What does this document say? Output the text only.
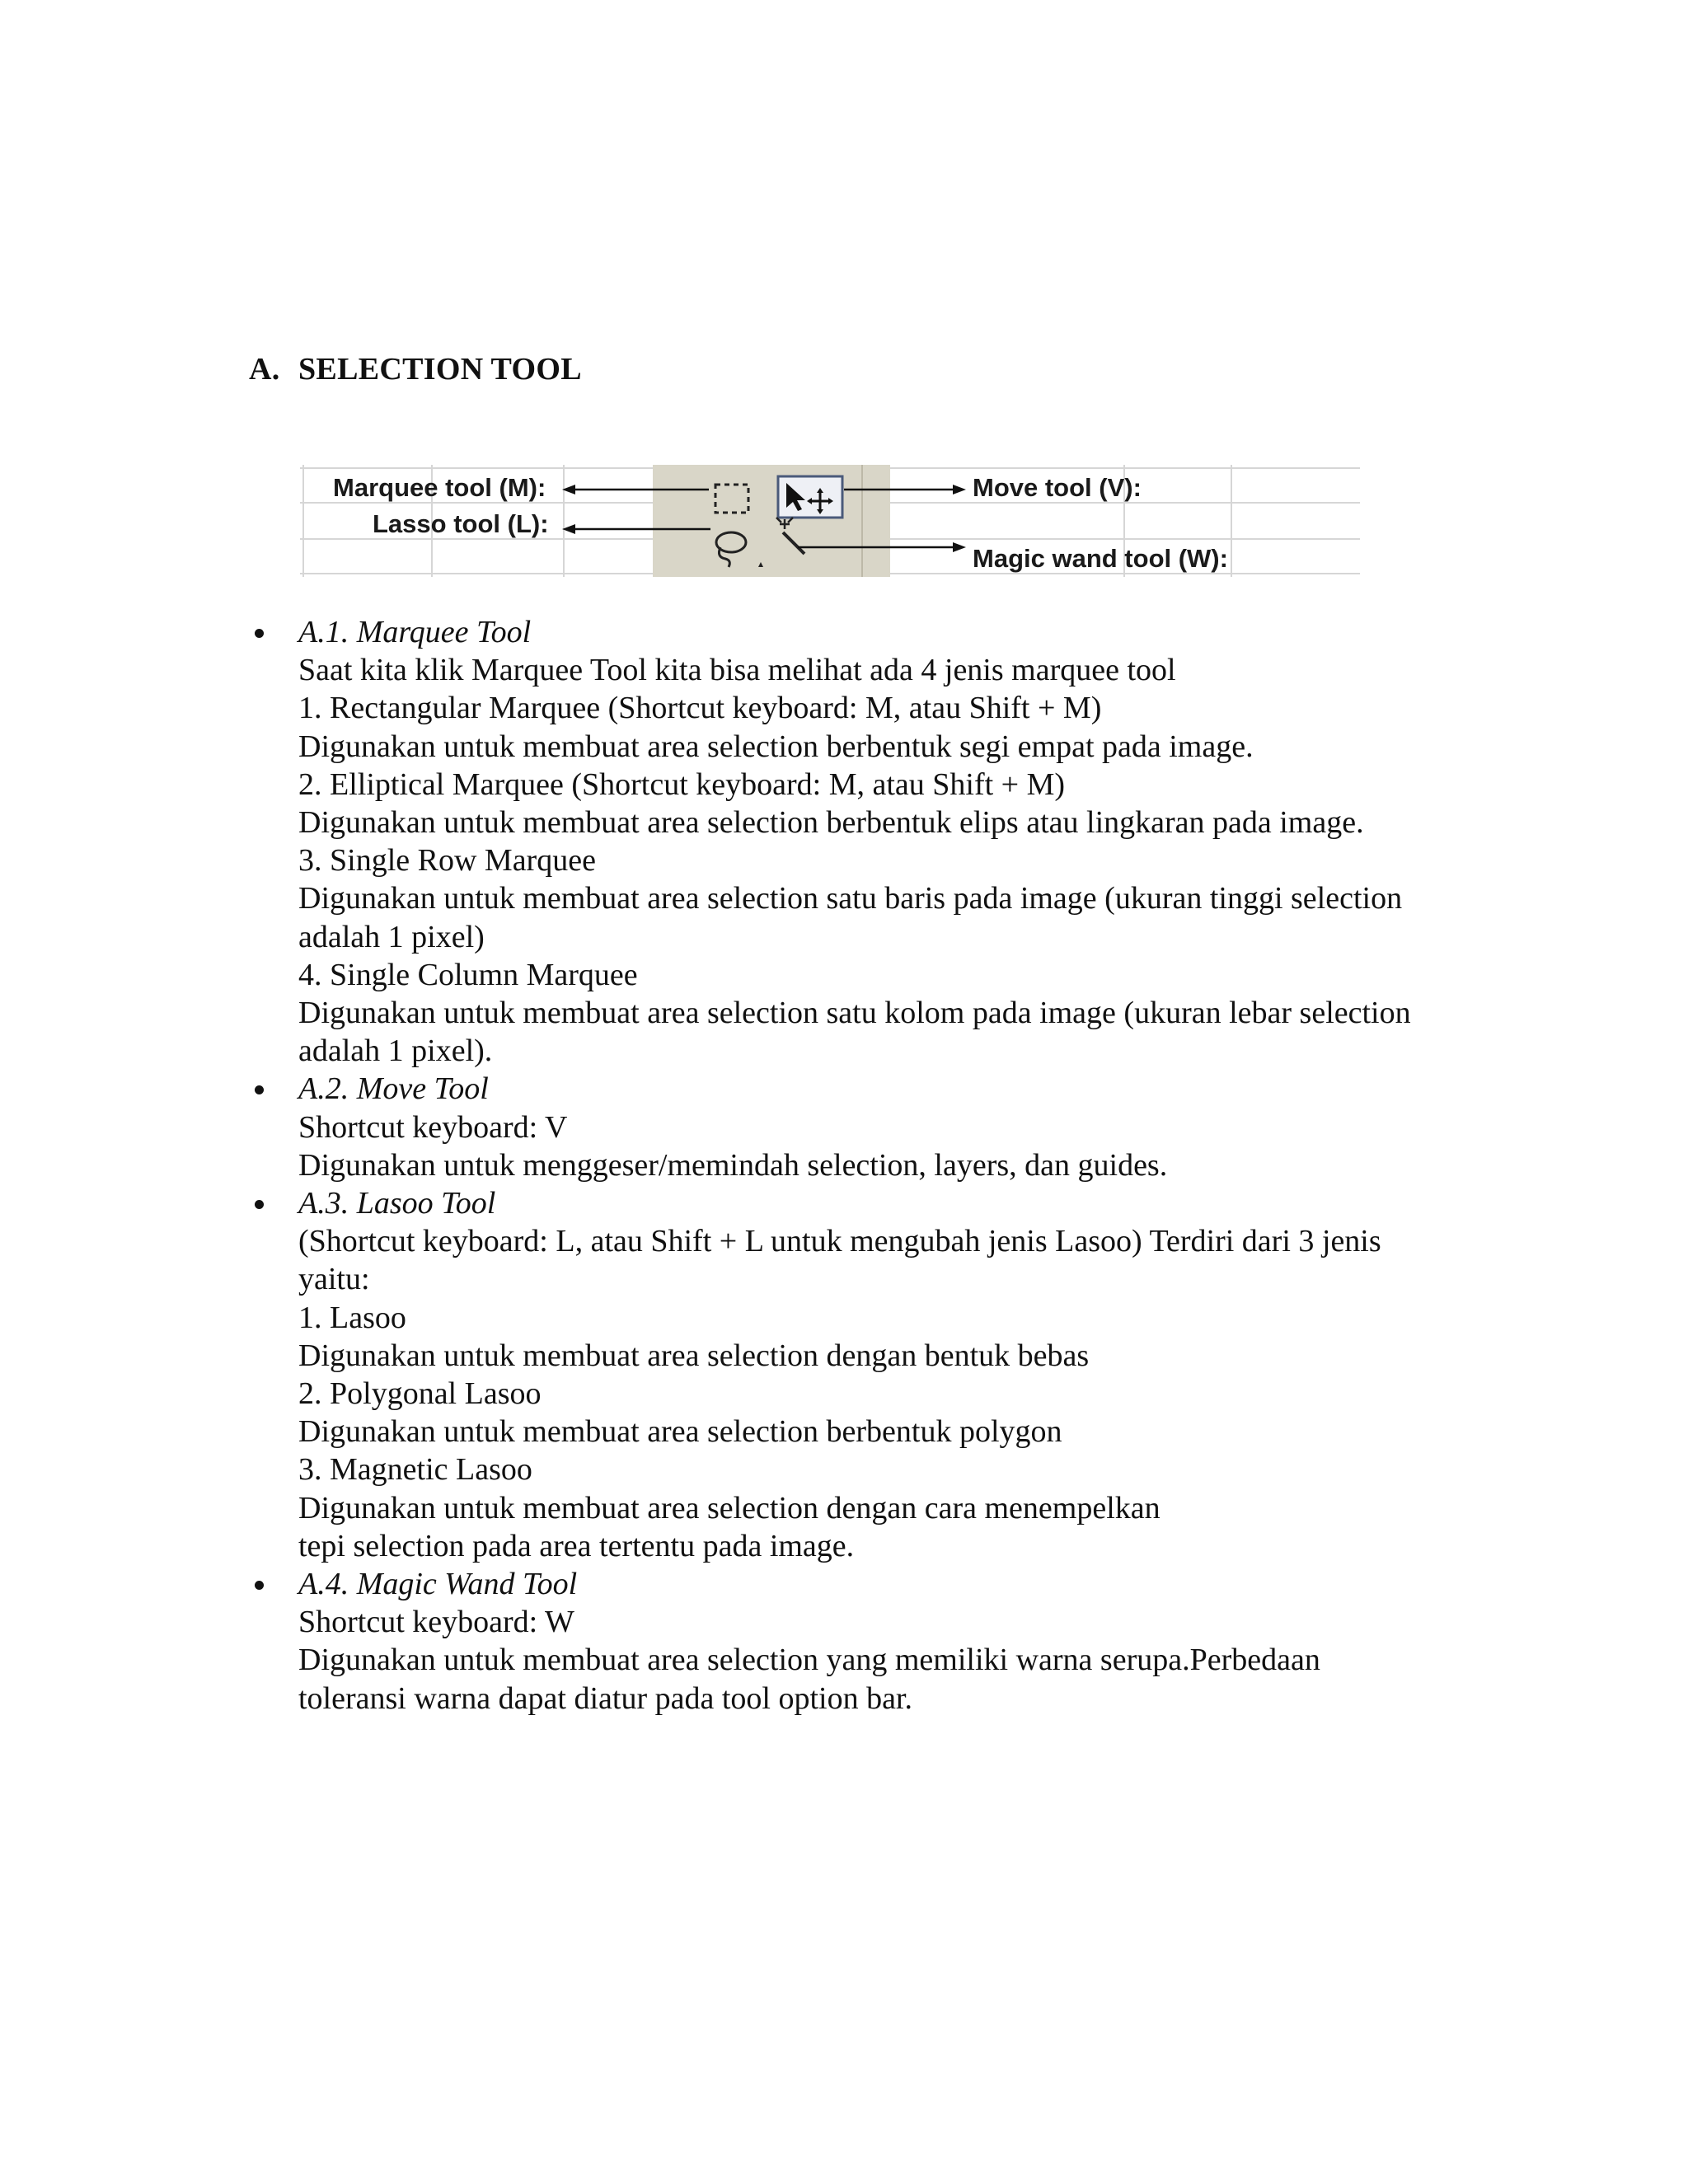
A. SELECTION TOOL
Marquee tool (M):
Lasso tool (L):
Move tool (V):
Magic wand tool (W):
A.1. Marquee Tool
Saat kita klik Marquee Tool kita bisa melihat ada 4 jenis marquee tool
1. Rectangular Marquee (Shortcut keyboard: M, atau Shift + M)
Digunakan untuk membuat area selection berbentuk segi empat pada image.
2. Elliptical Marquee (Shortcut keyboard: M, atau Shift + M)
Digunakan untuk membuat area selection berbentuk elips atau lingkaran pada image.
3. Single Row Marquee
Digunakan untuk membuat area selection satu baris pada image (ukuran tinggi selection
adalah 1 pixel)
4. Single Column Marquee
Digunakan untuk membuat area selection satu kolom pada image (ukuran lebar selection
adalah 1 pixel).
A.2. Move Tool
Shortcut keyboard: V
Digunakan untuk menggeser/memindah selection, layers, dan guides.
A.3. Lasoo Tool
(Shortcut keyboard: L, atau Shift + L untuk mengubah jenis Lasoo) Terdiri dari 3 jenis
yaitu:
1. Lasoo
Digunakan untuk membuat area selection dengan bentuk bebas
2. Polygonal Lasoo
Digunakan untuk membuat area selection berbentuk polygon
3. Magnetic Lasoo
Digunakan untuk membuat area selection dengan cara menempelkan
tepi selection pada area tertentu pada image.
A.4. Magic Wand Tool
Shortcut keyboard: W
Digunakan untuk membuat area selection yang memiliki warna serupa.Perbedaan
toleransi warna dapat diatur pada tool option bar.
